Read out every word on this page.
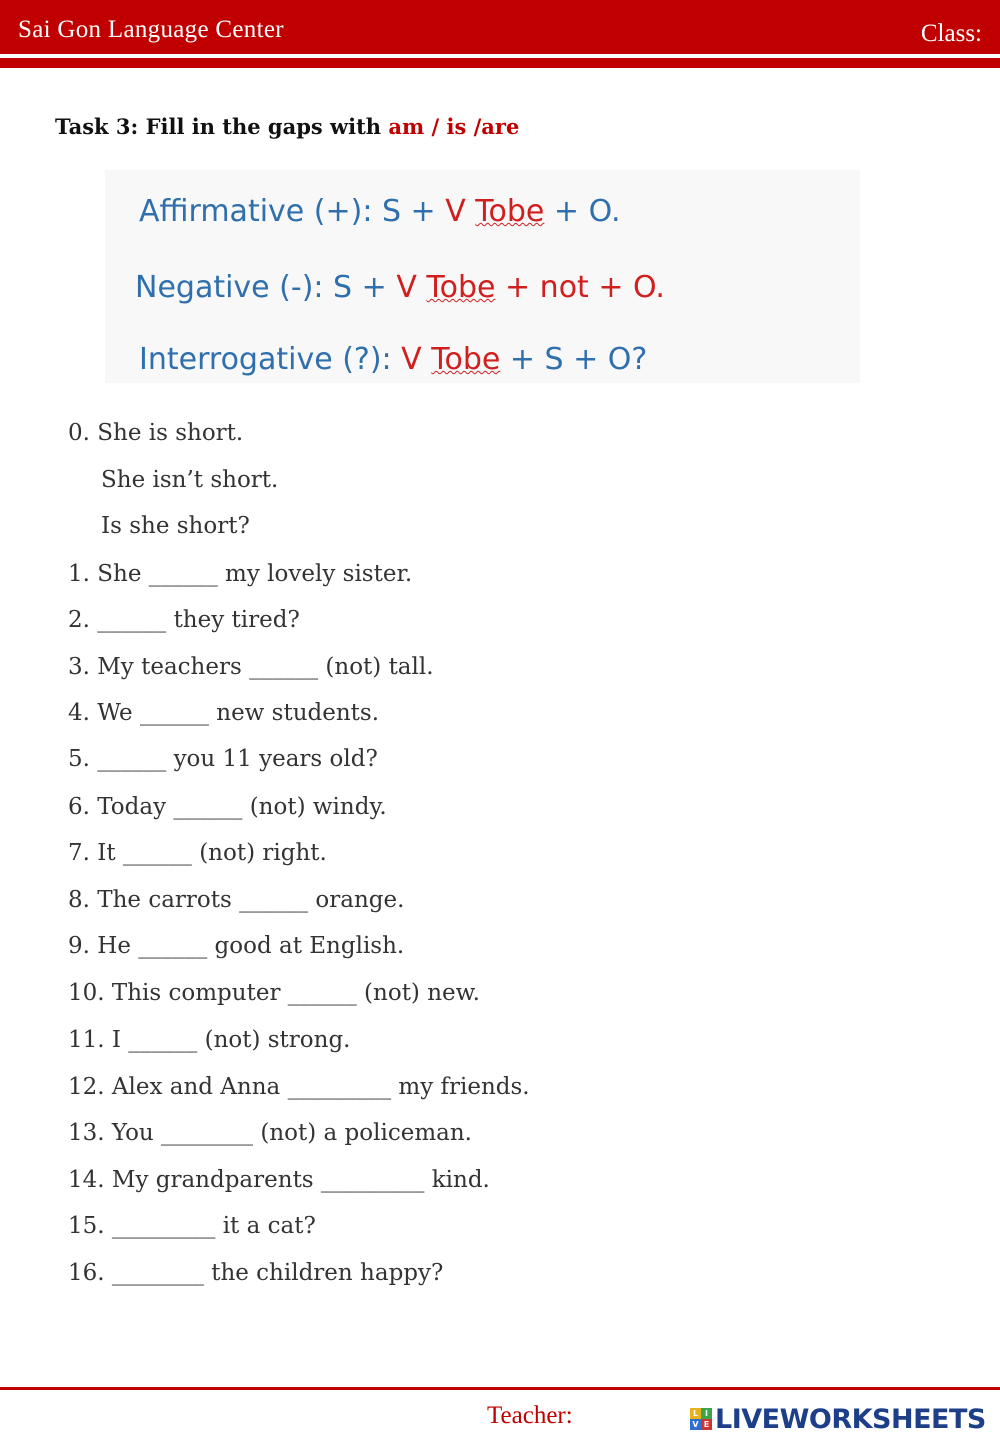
Sai Gon Language Center	Class:
Task 3: Fill in the gaps with am / is /are
Affirmative (+): S + V Tobe + O.
Negative (-): S + V Tobe + not + O.
Interrogative (?): V Tobe + S + O?
0. She is short.
She isn’t short.
Is she short?
1. She ______ my lovely sister.
2. ______ they tired?
3. My teachers ______ (not) tall.
4. We ______ new students.
5. ______ you 11 years old?
6. Today ______ (not) windy.
7. It ______ (not) right.
8. The carrots ______ orange.
9. He ______ good at English.
10. This computer ______ (not) new.
11. I ______ (not) strong.
12. Alex and Anna _________ my friends.
13. You ________ (not) a policeman.
14. My grandparents _________ kind.
15. _________ it a cat?
16. ________ the children happy?
Teacher:	L I
V E LIVEWORKSHEETS
